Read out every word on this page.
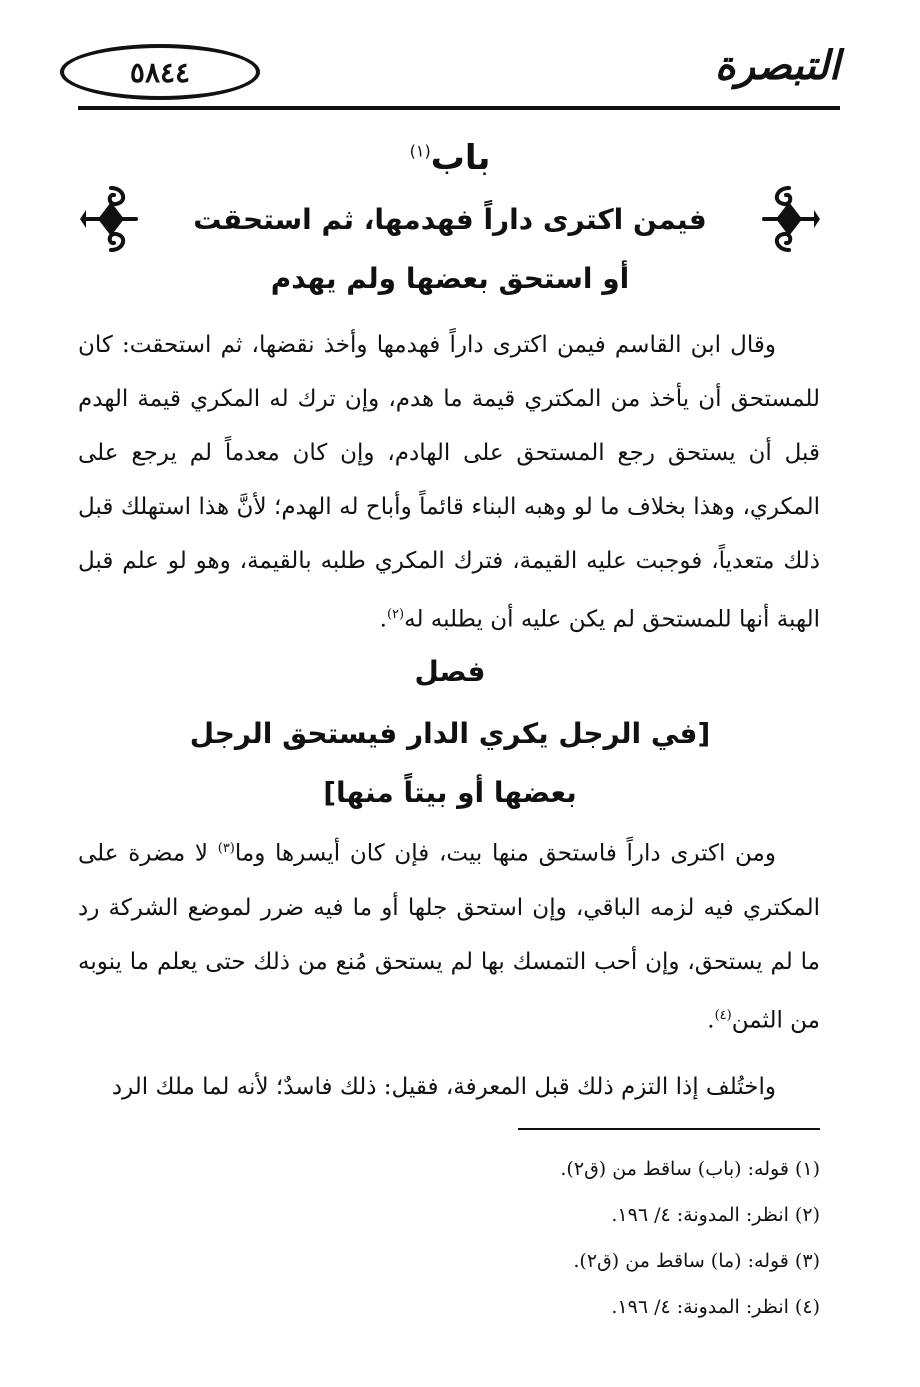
التبصرة
٥٨٤٤
باب$^{(١)}$
فيمن اكترى داراً فهدمها، ثم استحقت
أو استحق بعضها ولم يهدم
وقال ابن القاسم فيمن اكترى داراً فهدمها وأخذ نقضها، ثم استحقت: كان للمستحق أن يأخذ من المكتري قيمة ما هدم، وإن ترك له المكري قيمة الهدم قبل أن يستحق رجع المستحق على الهادم، وإن كان معدماً لم يرجع على المكري، وهذا بخلاف ما لو وهبه البناء قائماً وأباح له الهدم؛ لأنَّ هذا استهلك قبل ذلك متعدياً، فوجبت عليه القيمة، فترك المكري طلبه بالقيمة، وهو لو علم قبل الهبة أنها للمستحق لم يكن عليه أن يطلبه له$^{(٢)}$.
فصل
[في الرجل يكري الدار فيستحق الرجل
بعضها أو بيتاً منها]
ومن اكترى داراً فاستحق منها بيت، فإن كان أيسرها وما$^{(٣)}$ لا مضرة على المكتري فيه لزمه الباقي، وإن استحق جلها أو ما فيه ضرر لموضع الشركة رد ما لم يستحق، وإن أحب التمسك بها لم يستحق مُنع من ذلك حتى يعلم ما ينوبه من الثمن$^{(٤)}$.
واختُلف إذا التزم ذلك قبل المعرفة، فقيل: ذلك فاسدٌ؛ لأنه لما ملك الرد
(١) قوله: (باب) ساقط من (ق٢).
(٢) انظر: المدونة: ٤/ ١٩٦.
(٣) قوله: (ما) ساقط من (ق٢).
(٤) انظر: المدونة: ٤/ ١٩٦.
